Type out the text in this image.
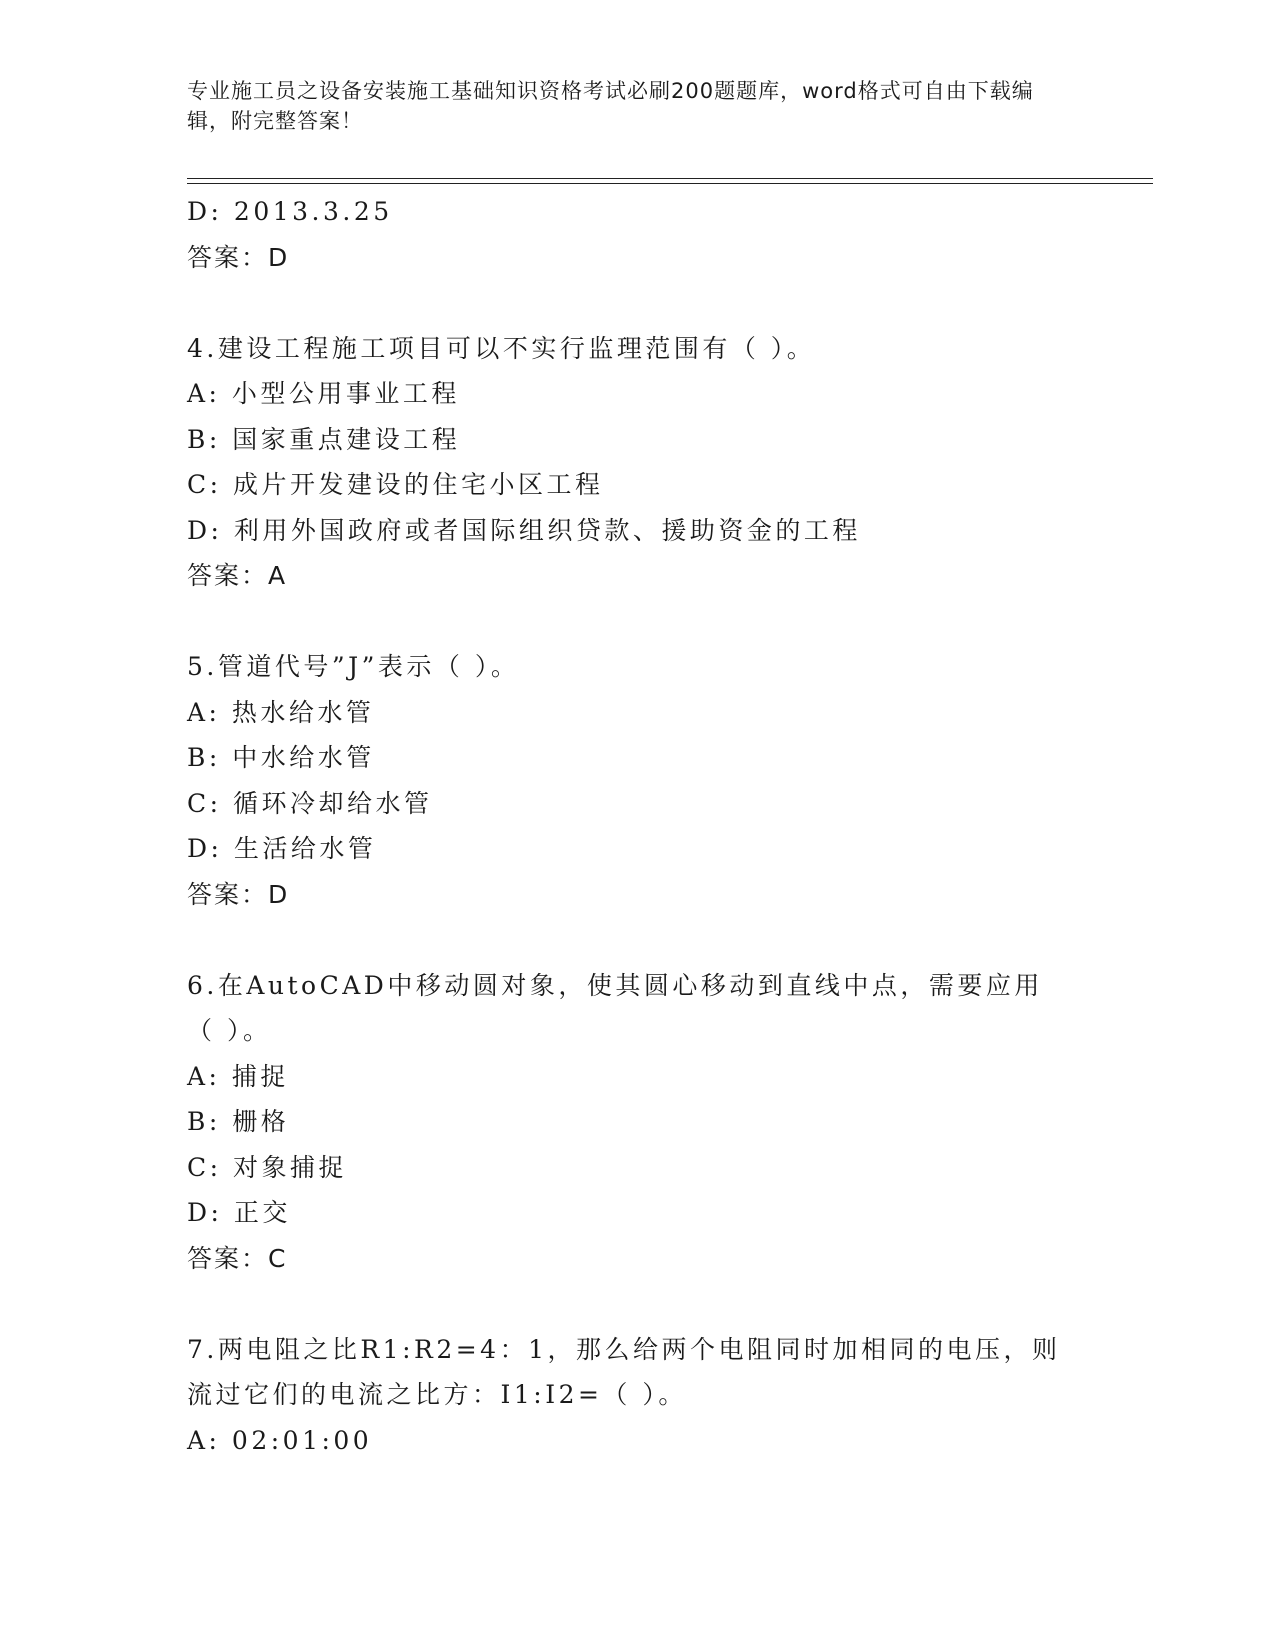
专业施工员之设备安装施工基础知识资格考试必刷200题题库，word格式可自由下载编辑，附完整答案！
D: 2013.3.25
答案：D
4.建设工程施工项目可以不实行监理范围有（ ）。
A: 小型公用事业工程
B: 国家重点建设工程
C: 成片开发建设的住宅小区工程
D: 利用外国政府或者国际组织贷款、援助资金的工程
答案：A
5.管道代号”J”表示（ ）。
A: 热水给水管
B: 中水给水管
C: 循环冷却给水管
D: 生活给水管
答案：D
6.在AutoCAD中移动圆对象，使其圆心移动到直线中点，需要应用（ ）。
A: 捕捉
B: 栅格
C: 对象捕捉
D: 正交
答案：C
7.两电阻之比R1:R2=4：1，那么给两个电阻同时加相同的电压，则流过它们的电流之比方：I1:I2=（ ）。
A: 02:01:00
